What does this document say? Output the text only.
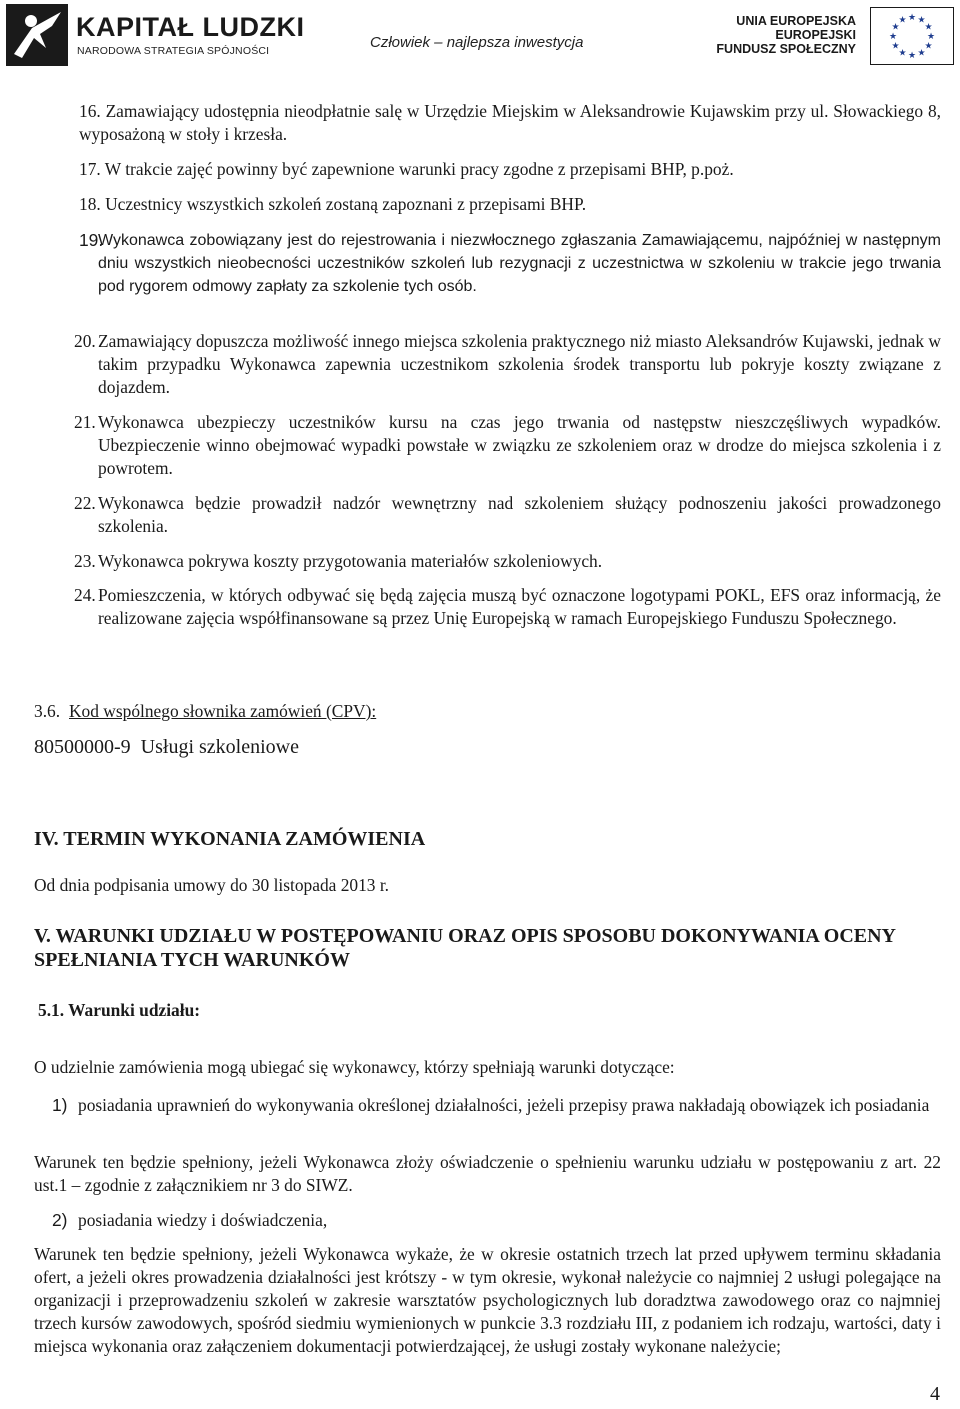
KAPITAŁ LUDZKI
NARODOWA STRATEGIA SPÓJNOŚCI	Człowiek – najlepsza inwestycja
UNIA EUROPEJSKA
EUROPEJSKI
FUNDUSZ SPOŁECZNY
★
★
★
★
★
★
★
★
★ ★ ★
★
16. Zamawiający udostępnia nieodpłatnie salę w Urzędzie Miejskim w Aleksandrowie Kujawskim przy ul. Słowackiego 8, wyposażoną w stoły i krzesła.
17. W trakcie zajęć powinny być zapewnione warunki pracy zgodne z przepisami BHP, p.poż.
18. Uczestnicy wszystkich szkoleń zostaną zapoznani z przepisami BHP.
19.
Wykonawca zobowiązany jest do rejestrowania i niezwłocznego zgłaszania Zamawiającemu, najpóźniej w następnym dniu wszystkich nieobecności uczestników szkoleń lub rezygnacji z uczestnictwa w szkoleniu w trakcie jego trwania pod rygorem odmowy zapłaty za szkolenie tych osób.
20. Zamawiający dopuszcza możliwość innego miejsca szkolenia praktycznego niż miasto Aleksandrów Kujawski, jednak w takim przypadku Wykonawca zapewnia uczestnikom szkolenia środek transportu lub pokryje koszty związane z dojazdem.
21. Wykonawca ubezpieczy uczestników kursu na czas jego trwania od następstw nieszczęśliwych wypadków. Ubezpieczenie winno obejmować wypadki powstałe w związku ze szkoleniem oraz w drodze do miejsca szkolenia i z powrotem.
22. Wykonawca będzie prowadził nadzór wewnętrzny nad szkoleniem służący podnoszeniu jakości prowadzonego szkolenia.
23. Wykonawca pokrywa koszty przygotowania materiałów szkoleniowych.
24. Pomieszczenia, w których odbywać się będą zajęcia muszą być oznaczone logotypami POKL, EFS oraz informacją, że realizowane zajęcia współfinansowane są przez Unię Europejską w ramach Europejskiego Funduszu Społecznego.
3.6. Kod wspólnego słownika zamówień (CPV):
80500000-9  Usługi szkoleniowe
IV. TERMIN WYKONANIA ZAMÓWIENIA
Od dnia podpisania umowy do 30 listopada 2013 r.
V. WARUNKI UDZIAŁU W POSTĘPOWANIU ORAZ OPIS SPOSOBU DOKONYWANIA OCENY SPEŁNIANIA TYCH WARUNKÓW
5.1. Warunki udziału:
O udzielnie zamówienia mogą ubiegać się wykonawcy, którzy spełniają warunki dotyczące:
1) posiadania uprawnień do wykonywania określonej działalności, jeżeli przepisy prawa nakładają obowiązek ich posiadania
Warunek ten będzie spełniony, jeżeli Wykonawca złoży oświadczenie o spełnieniu warunku udziału w postępowaniu z art. 22 ust.1 – zgodnie z załącznikiem nr 3 do SIWZ.
2) posiadania wiedzy i doświadczenia,
Warunek ten będzie spełniony, jeżeli Wykonawca wykaże, że w okresie ostatnich trzech lat przed upływem terminu składania ofert, a jeżeli okres prowadzenia działalności jest krótszy - w tym okresie, wykonał należycie co najmniej 2 usługi polegające na organizacji i przeprowadzeniu szkoleń w zakresie warsztatów psychologicznych lub doradztwa zawodowego oraz co najmniej trzech kursów zawodowych, spośród siedmiu wymienionych w punkcie 3.3 rozdziału III, z podaniem ich rodzaju, wartości, daty i miejsca wykonania oraz załączeniem dokumentacji potwierdzającej, że usługi zostały wykonane należycie;
4
